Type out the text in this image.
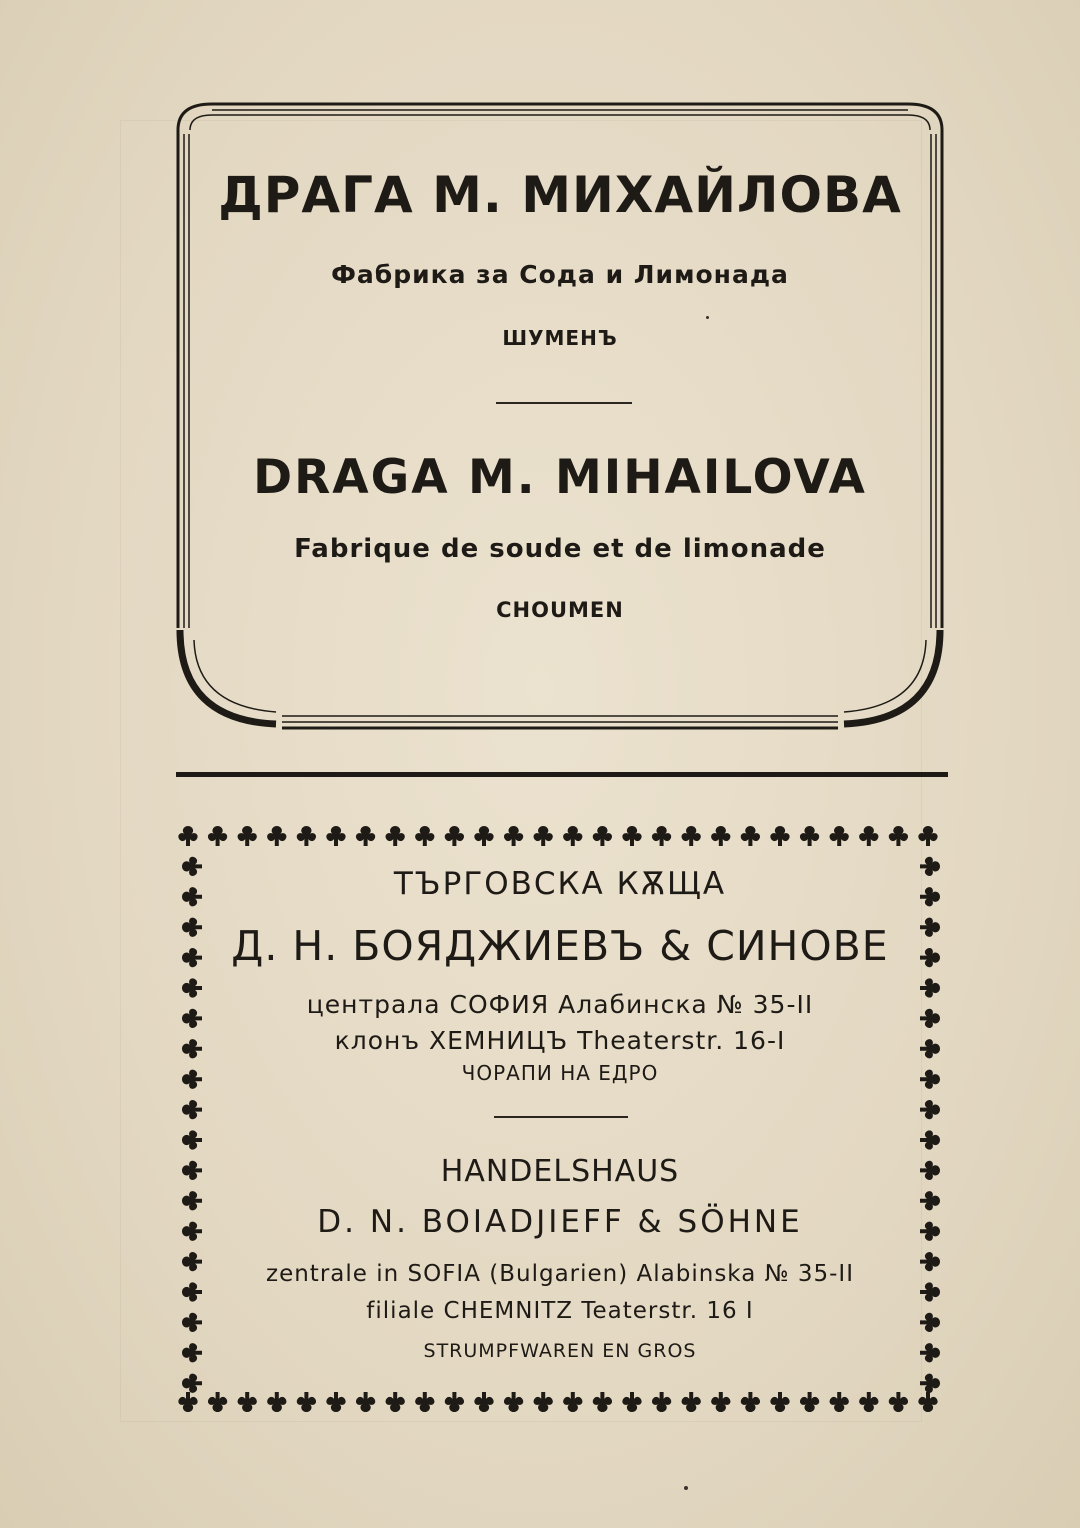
ДРАГА М. МИХАЙЛОВА
Фабрика за Сода и Лимонада
ШУМЕНЪ
DRAGA M. MIHAILOVA
Fabrique de soude et de limonade
CHOUMEN
ТЪРГОВСКА КѪЩА
Д. Н. БОЯДЖИЕВЪ & СИНОВЕ
централа СОФИЯ Алабинска № 35-II
клонъ ХЕМНИЦЪ Theaterstr. 16-I
ЧОРАПИ НА ЕДРО
HANDELSHAUS
D. N. BOIADJIEFF & SÖHNE
zentrale in SOFIA (Bulgarien) Alabinska № 35-II
filiale CHEMNITZ Teaterstr. 16 I
STRUMPFWAREN EN GROS
